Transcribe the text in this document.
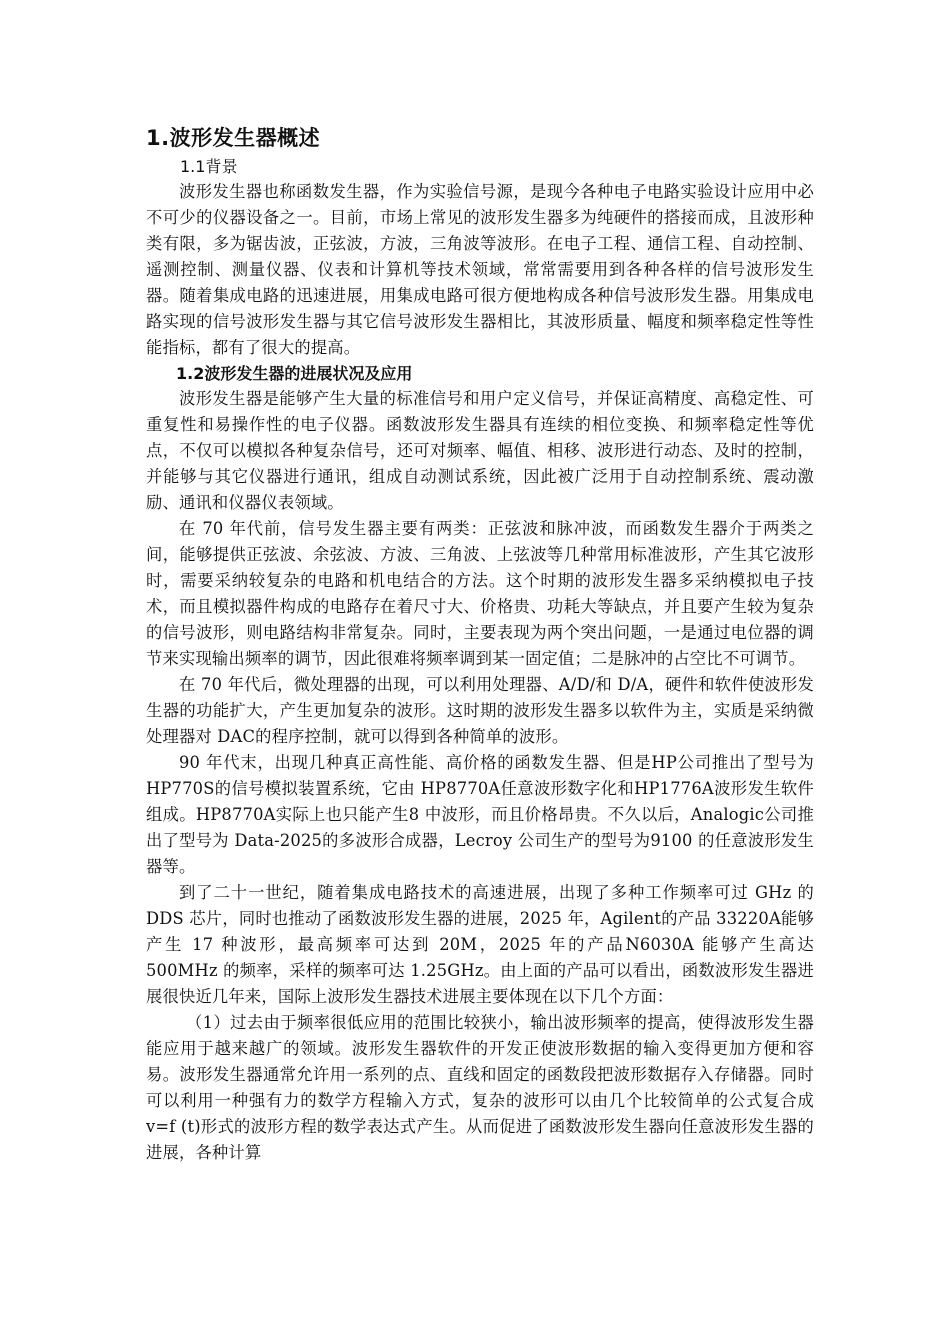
1.波形发生器概述

1.1背景

波形发生器也称函数发生器，作为实验信号源，是现今各种电子电路实验设计应用中必不可少的仪器设备之一。目前，市场上常见的波形发生器多为纯硬件的搭接而成，且波形种类有限，多为锯齿波，正弦波，方波，三角波等波形。在电子工程、通信工程、自动控制、遥测控制、测量仪器、仪表和计算机等技术领域，常常需要用到各种各样的信号波形发生器。随着集成电路的迅速进展，用集成电路可很方便地构成各种信号波形发生器。用集成电路实现的信号波形发生器与其它信号波形发生器相比，其波形质量、幅度和频率稳定性等性能指标，都有了很大的提高。

1.2波形发生器的进展状况及应用

波形发生器是能够产生大量的标准信号和用户定义信号，并保证高精度、高稳定性、可重复性和易操作性的电子仪器。函数波形发生器具有连续的相位变换、和频率稳定性等优点，不仅可以模拟各种复杂信号，还可对频率、幅值、相移、波形进行动态、及时的控制，并能够与其它仪器进行通讯，组成自动测试系统，因此被广泛用于自动控制系统、震动激励、通讯和仪器仪表领域。

在 70 年代前，信号发生器主要有两类：正弦波和脉冲波，而函数发生器介于两类之间，能够提供正弦波、余弦波、方波、三角波、上弦波等几种常用标准波形，产生其它波形时，需要采纳较复杂的电路和机电结合的方法。这个时期的波形发生器多采纳模拟电子技术，而且模拟器件构成的电路存在着尺寸大、价格贵、功耗大等缺点，并且要产生较为复杂的信号波形，则电路结构非常复杂。同时，主要表现为两个突出问题，一是通过电位器的调节来实现输出频率的调节，因此很难将频率调到某一固定值；二是脉冲的占空比不可调节。

在 70 年代后，微处理器的出现，可以利用处理器、A/D/和 D/A，硬件和软件使波形发生器的功能扩大，产生更加复杂的波形。这时期的波形发生器多以软件为主，实质是采纳微处理器对 DAC的程序控制，就可以得到各种简单的波形。

90 年代末，出现几种真正高性能、高价格的函数发生器、但是HP公司推出了型号为 HP770S的信号模拟装置系统，它由 HP8770A任意波形数字化和HP1776A波形发生软件组成。HP8770A实际上也只能产生8 中波形，而且价格昂贵。不久以后，Analogic公司推出了型号为 Data-2025的多波形合成器，Lecroy 公司生产的型号为9100 的任意波形发生器等。

到了二十一世纪，随着集成电路技术的高速进展，出现了多种工作频率可过 GHz 的DDS 芯片，同时也推动了函数波形发生器的进展，2025 年，Agilent的产品 33220A能够产生 17 种波形，最高频率可达到 20M，2025 年的产品N6030A 能够产生高达 500MHz 的频率，采样的频率可达 1.25GHz。由上面的产品可以看出，函数波形发生器进展很快近几年来，国际上波形发生器技术进展主要体现在以下几个方面：

（1）过去由于频率很低应用的范围比较狭小，输出波形频率的提高，使得波形发生器能应用于越来越广的领域。波形发生器软件的开发正使波形数据的输入变得更加方便和容易。波形发生器通常允许用一系列的点、直线和固定的函数段把波形数据存入存储器。同时可以利用一种强有力的数学方程输入方式，复杂的波形可以由几个比较简单的公式复合成 v=f (t)形式的波形方程的数学表达式产生。从而促进了函数波形发生器向任意波形发生器的进展，各种计算
